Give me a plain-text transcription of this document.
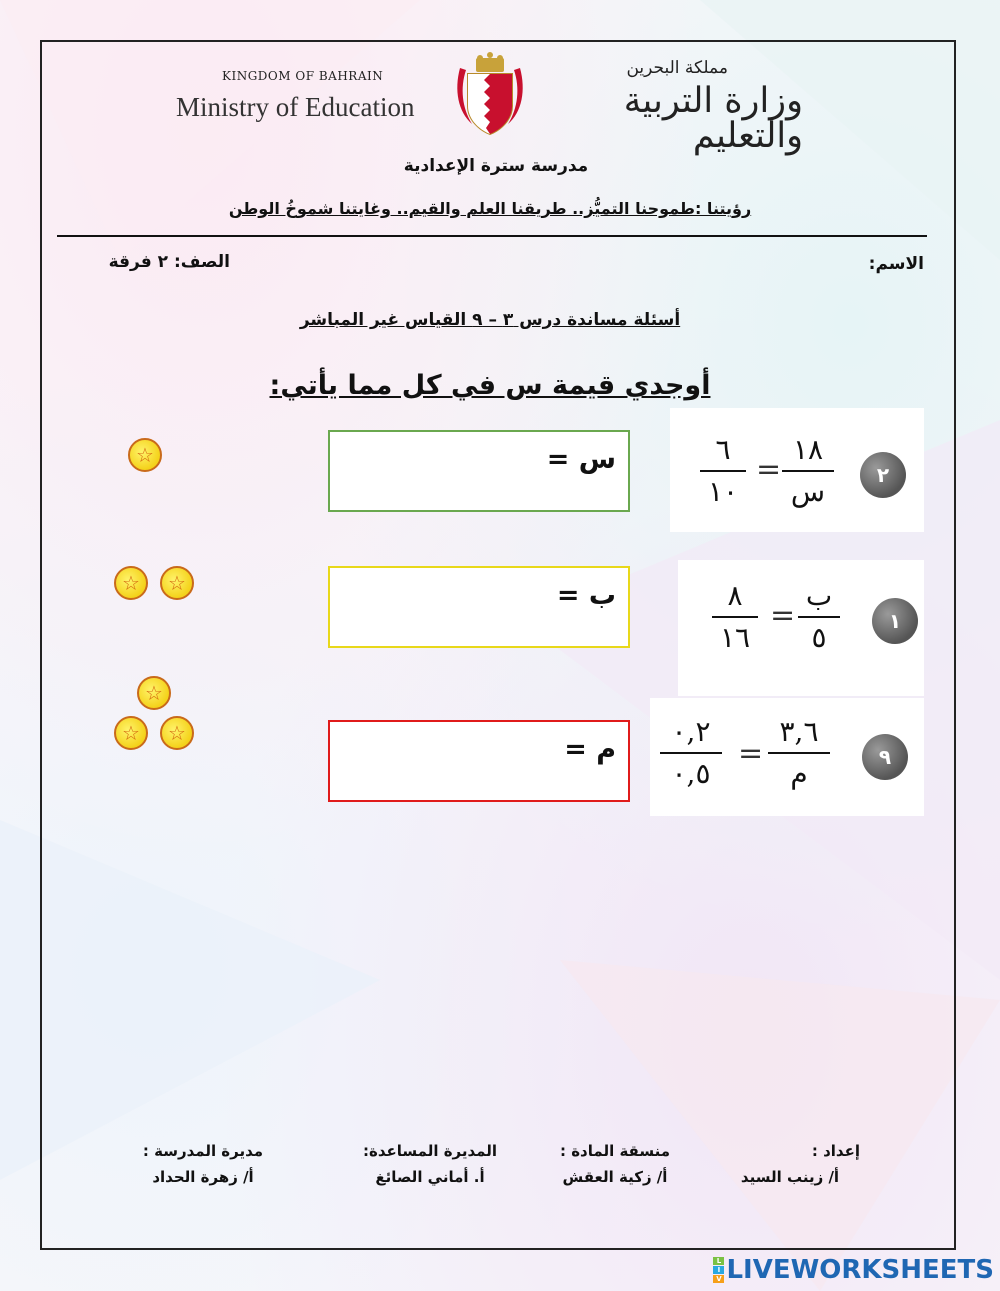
KINGDOM OF BAHRAIN
Ministry of Education
مملكة البحرين
وزارة التربية والتعليم
مدرسة سترة الإعدادية
رؤيتنا :طموحنا التميُّز.. طريقنا العلم والقيم.. وغايتنا شموخُ الوطن
الاسم:
الصف: ٢ فرقة
أسئلة مساندة درس ٣ – ٩ القياس غير المباشر
أوجدي قيمة س في كل مما يأتي:
٢
١٨
س
=
٦
١٠
س =
☆
١
ب
٥
=
٨
١٦
ب =
☆	☆
٩
٣,٦
م
=
٠,٢
٠,٥
م =
☆
☆	☆
إعداد :
أ/ زينب السيد
منسقة المادة :
أ/ زكية العقش
المديرة المساعدة:
أ. أماني الصائغ
مديرة المدرسة :
أ/ زهرة الحداد
L
I
V LIVEWORKSHEETS
